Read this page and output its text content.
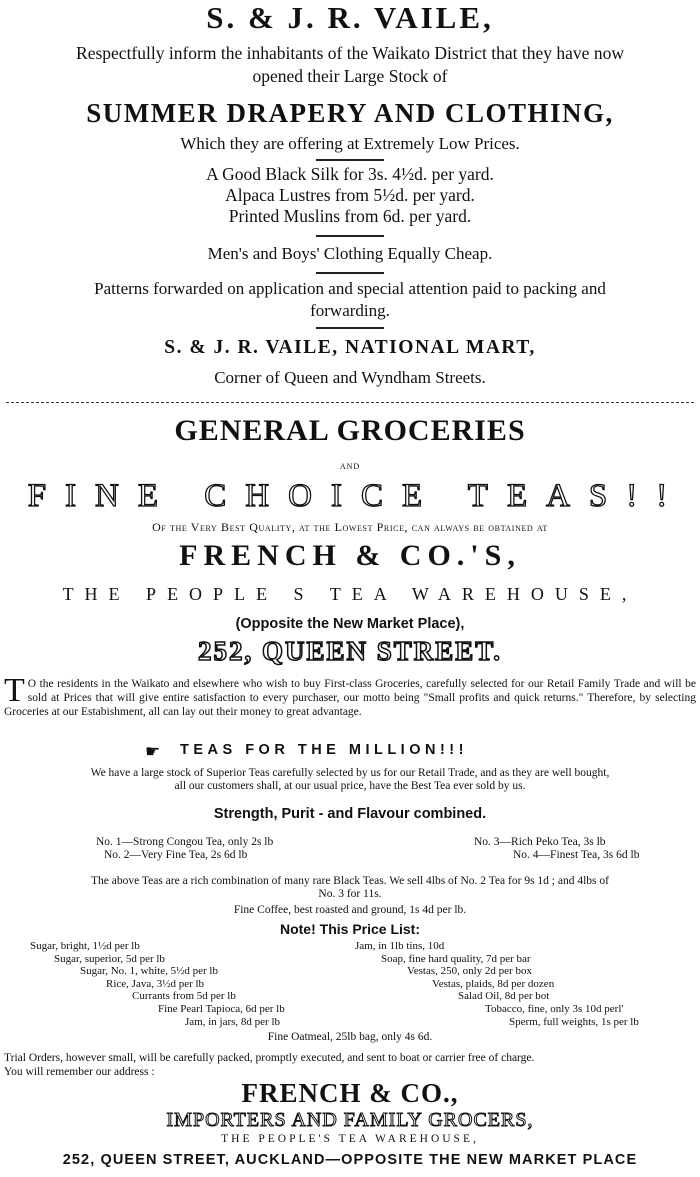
S. & J. R. VAILE,
Respectfully inform the inhabitants of the Waikato District that they have now
opened their Large Stock of
SUMMER DRAPERY AND CLOTHING,
Which they are offering at Extremely Low Prices.
A Good Black Silk for 3s. 4½d. per yard.
Alpaca Lustres from 5½d. per yard.
Printed Muslins from 6d. per yard.
Men's and Boys' Clothing Equally Cheap.
Patterns forwarded on application and special attention paid to packing and
forwarding.
S. & J. R. VAILE, NATIONAL MART,
Corner of Queen and Wyndham Streets.
GENERAL GROCERIES
AND
FINE CHOICE TEAS!!
Of the Very Best Quality, at the Lowest Price, can always be obtained at
FRENCH & CO.'S,
THE PEOPLE S TEA WAREHOUSE,
(Opposite the New Market Place),
252, QUEEN STREET.
T O the residents in the Waikato and elsewhere who wish to buy First-class Groceries, carefully selected for our Retail Family Trade and will be sold at Prices that will give entire satisfaction to every purchaser, our motto being "Small profits and quick returns." Therefore, by selecting Groceries at our Estabishment, all can lay out their money to great advantage.
☛ TEAS FOR THE MILLION!!!
We have a large stock of Superior Teas carefully selected by us for our Retail Trade, and as they are well bought,
all our customers shall, at our usual price, have the Best Tea ever sold by us.
Strength, Purit - and Flavour combined.
No. 1—Strong Congou Tea, only 2s lb
No. 2—Very Fine Tea, 2s 6d lb
No. 3—Rich Peko Tea, 3s lb
No. 4—Finest Tea, 3s 6d lb
The above Teas are a rich combination of many rare Black Teas. We sell 4lbs of No. 2 Tea for 9s 1d ; and 4lbs of
No. 3 for 11s.
Fine Coffee, best roasted and ground, 1s 4d per lb.
Note! This Price List:
Sugar, bright, 1½d per lb
Sugar, superior, 5d per lb
Sugar, No. 1, white, 5½d per lb
Rice, Java, 3½d per lb
Currants from 5d per lb
Fine Pearl Tapioca, 6d per lb
Jam, in jars, 8d per lb
Jam, in 1lb tins, 10d
Soap, fine hard quality, 7d per bar
Vestas, 250, only 2d per box
Vestas, plaids, 8d per dozen
Salad Oil, 8d per bot
Tobacco, fine, only 3s 10d perl'
Sperm, full weights, 1s per lb
Fine Oatmeal, 25lb bag, only 4s 6d.
Trial Orders, however small, will be carefully packed, promptly executed, and sent to boat or carrier free of charge.
You will remember our address :
FRENCH & CO.,
IMPORTERS AND FAMILY GROCERS,
THE PEOPLE'S TEA WAREHOUSE,
252, QUEEN STREET, AUCKLAND—OPPOSITE THE NEW MARKET PLACE
